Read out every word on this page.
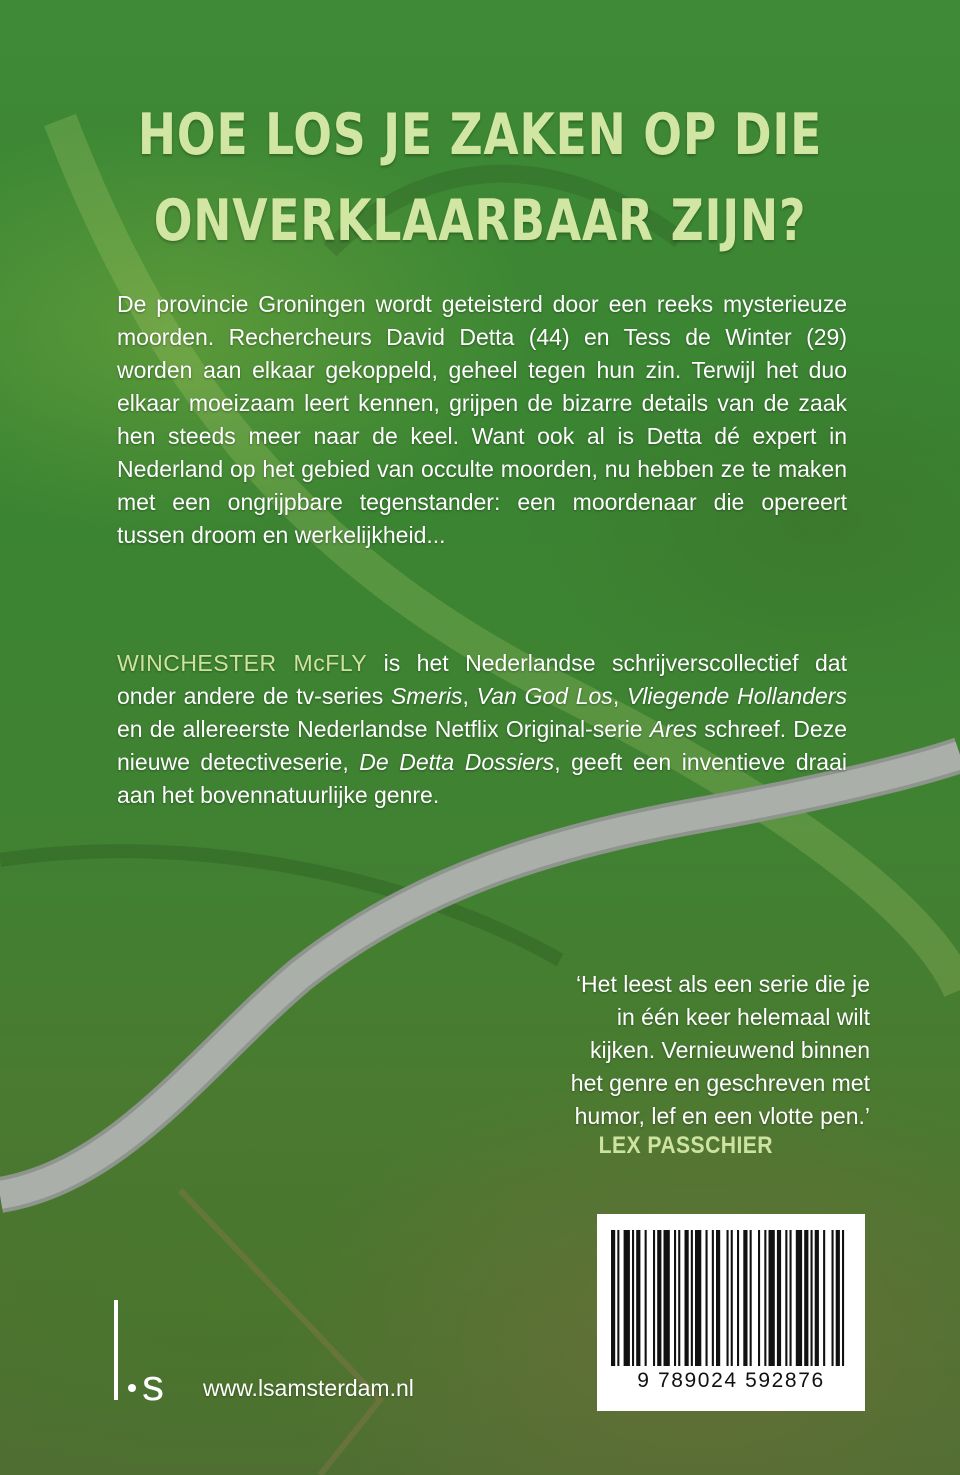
HOE LOS JE ZAKEN OP DIE
ONVERKLAARBAAR ZIJN?

De provincie Groningen wordt geteisterd door een reeks mysterieuze moorden. Rechercheurs David Detta (44) en Tess de Winter (29) worden aan elkaar gekoppeld, geheel tegen hun zin. Terwijl het duo elkaar moeizaam leert kennen, grijpen de bizarre details van de zaak hen steeds meer naar de keel. Want ook al is Detta dé expert in Nederland op het gebied van occulte moorden, nu hebben ze te maken met een ongrijpbare tegenstander: een moordenaar die opereert tussen droom en werkelijkheid...

WINCHESTER McFLY is het Nederlandse schrijverscollectief dat onder andere de tv-series Smeris, Van God Los, Vliegende Hollanders en de allereerste Nederlandse Netflix Original-serie Ares schreef. Deze nieuwe detectiveserie, De Detta Dossiers, geeft een inventieve draai aan het bovennatuurlijke genre.

‘Het leest als een serie die je
in één keer helemaal wilt
kijken. Vernieuwend binnen
het genre en geschreven met
humor, lef en een vlotte pen.’

LEX PASSCHIER

9 789024 592876

s www.lsamsterdam.nl
